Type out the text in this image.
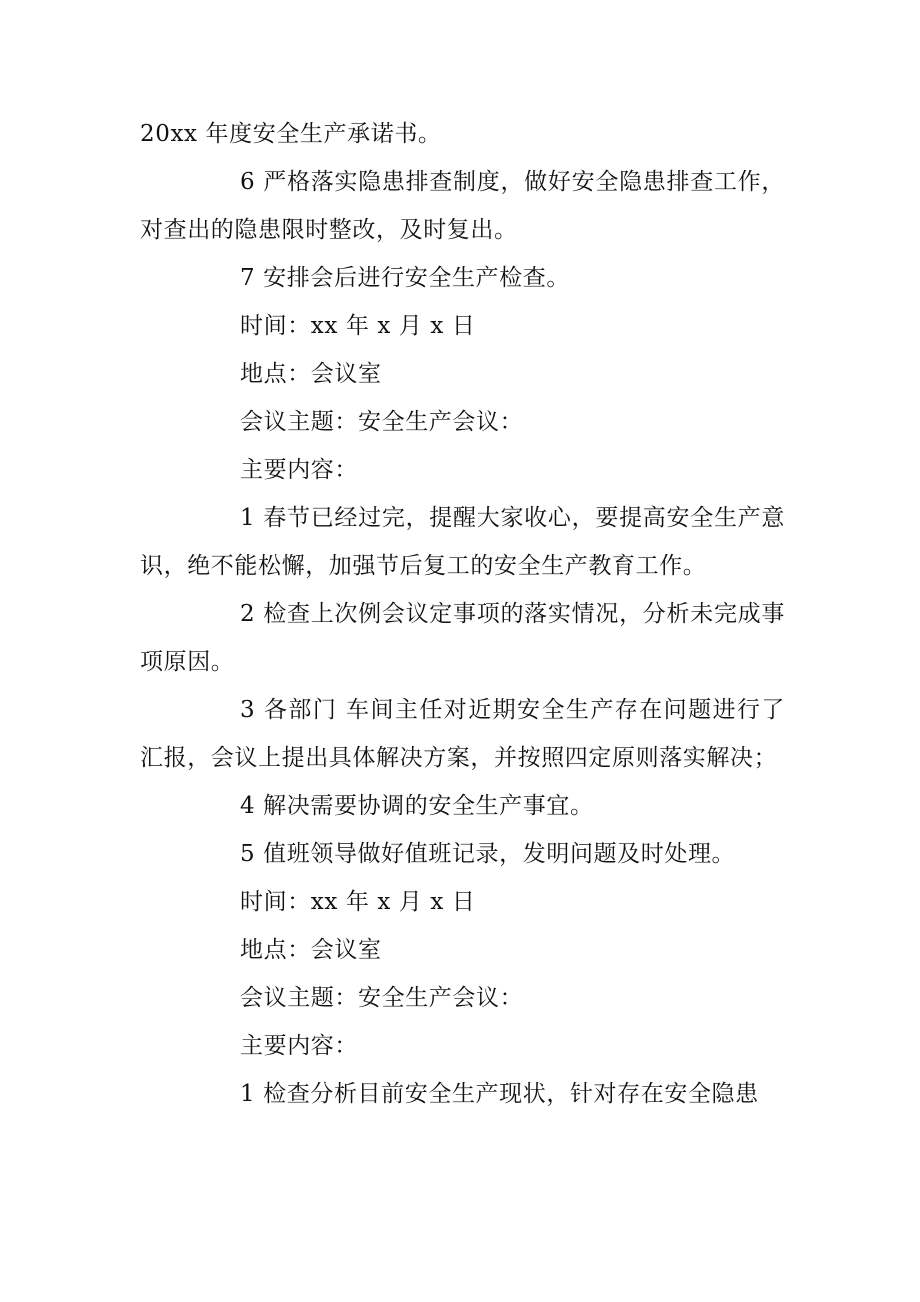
20xx 年度安全生产承诺书。

6 严格落实隐患排查制度，做好安全隐患排查工作，对查出的隐患限时整改，及时复出。

7 安排会后进行安全生产检查。

时间：xx 年 x 月 x 日

地点：会议室

会议主题：安全生产会议：

主要内容：

1 春节已经过完，提醒大家收心，要提高安全生产意识，绝不能松懈，加强节后复工的安全生产教育工作。

2 检查上次例会议定事项的落实情况，分析未完成事项原因。

3 各部门 车间主任对近期安全生产存在问题进行了汇报，会议上提出具体解决方案，并按照四定原则落实解决；

4 解决需要协调的安全生产事宜。

5 值班领导做好值班记录，发明问题及时处理。

时间：xx 年 x 月 x 日

地点：会议室

会议主题：安全生产会议：

主要内容：

1 检查分析目前安全生产现状，针对存在安全隐患
